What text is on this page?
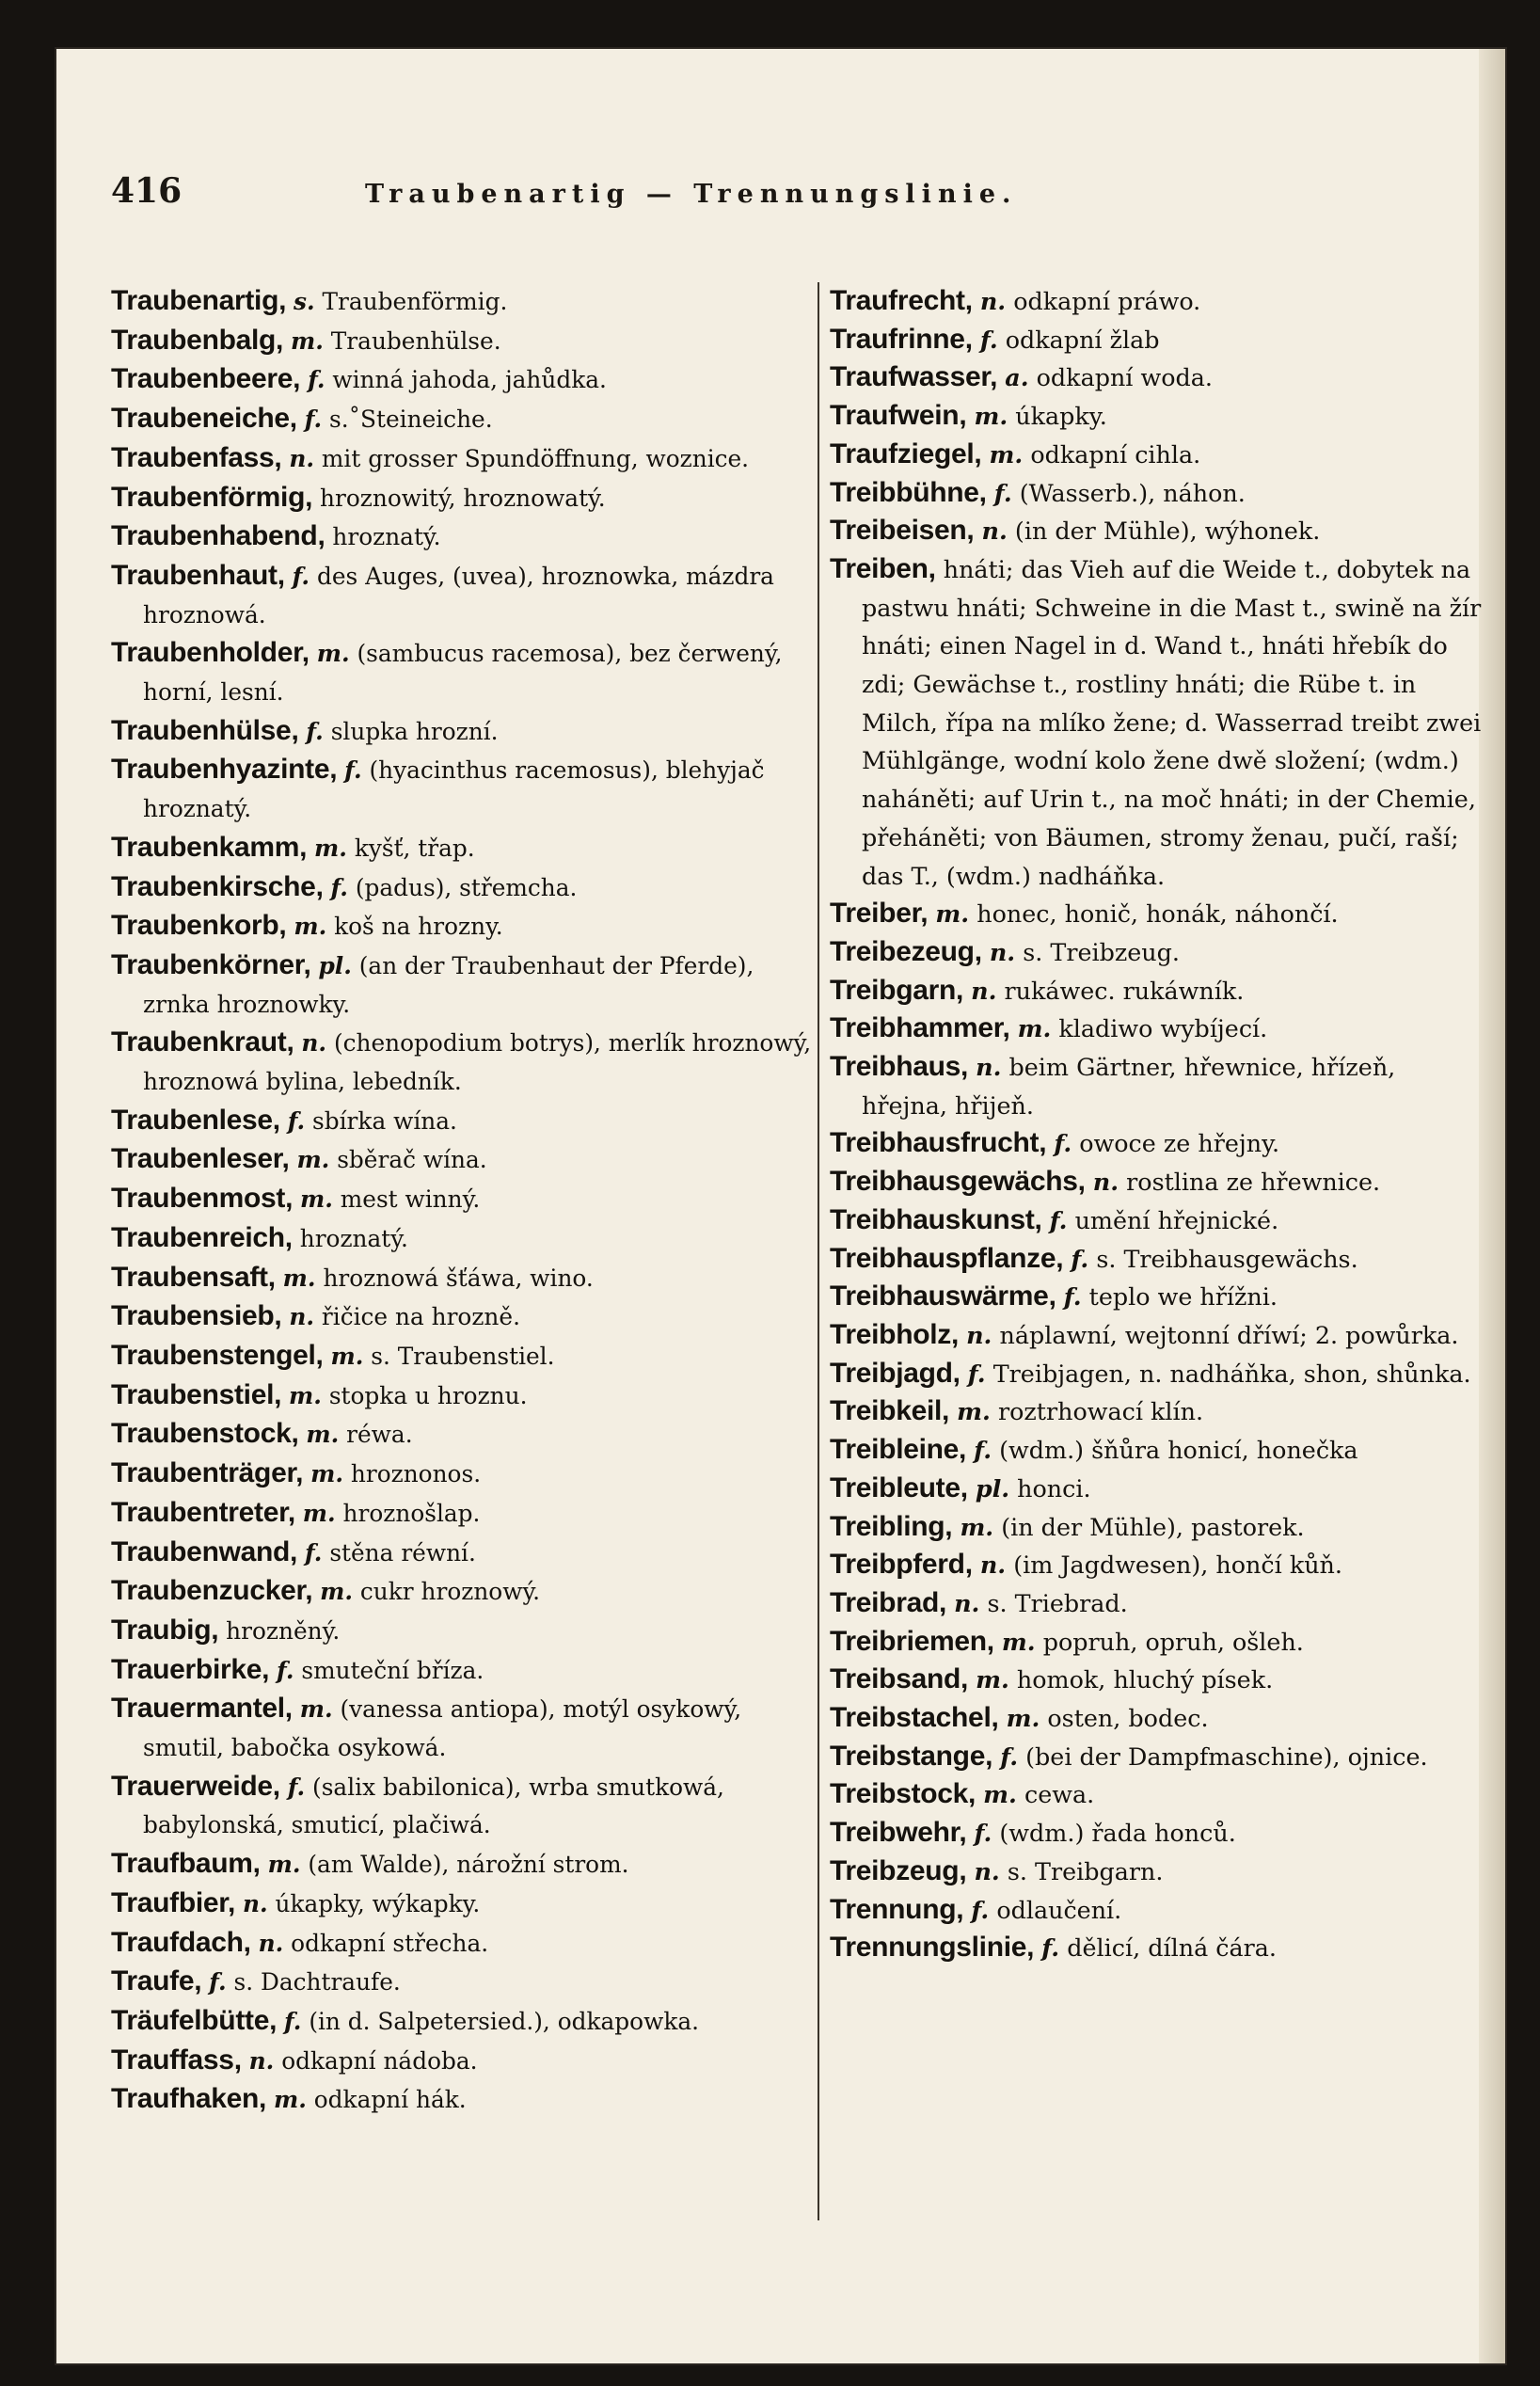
416	Traubenartig — Trennungslinie.

Traubenartig, s. Traubenförmig.

Traubenbalg, m. Traubenhülse.

Traubenbeere, f. winná jahoda, jahůdka.

Traubeneiche, f. s.˚Steineiche.

Traubenfass, n. mit grosser Spundöffnung, woznice.

Traubenförmig, hroznowitý, hroznowatý.

Traubenhabend, hroznatý.

Traubenhaut, f. des Auges, (uvea), hroznowka, mázdra hroznowá.

Traubenholder, m. (sambucus racemosa), bez čerwený, horní, lesní.

Traubenhülse, f. slupka hrozní.

Traubenhyazinte, f. (hyacinthus racemosus), blehyjač hroznatý.

Traubenkamm, m. kyšť, třap.

Traubenkirsche, f. (padus), střemcha.

Traubenkorb, m. koš na hrozny.

Traubenkörner, pl. (an der Traubenhaut der Pferde), zrnka hroznowky.

Traubenkraut, n. (chenopodium botrys), merlík hroznowý, hroznowá bylina, lebedník.

Traubenlese, f. sbírka wína.

Traubenleser, m. sběrač wína.

Traubenmost, m. mest winný.

Traubenreich, hroznatý.

Traubensaft, m. hroznowá šťáwa, wino.

Traubensieb, n. řičice na hrozně.

Traubenstengel, m. s. Traubenstiel.

Traubenstiel, m. stopka u hroznu.

Traubenstock, m. réwa.

Traubenträger, m. hroznonos.

Traubentreter, m. hroznošlap.

Traubenwand, f. stěna réwní.

Traubenzucker, m. cukr hroznowý.

Traubig, hrozněný.

Trauerbirke, f. smuteční bříza.

Trauermantel, m. (vanessa antiopa), motýl osykowý, smutil, babočka osykowá.

Trauerweide, f. (salix babilonica), wrba smutkowá, babylonská, smuticí, plačiwá.

Traufbaum, m. (am Walde), nárožní strom.

Traufbier, n. úkapky, wýkapky.

Traufdach, n. odkapní střecha.

Traufe, f. s. Dachtraufe.

Träufelbütte, f. (in d. Salpetersied.), odkapowka.

Trauffass, n. odkapní nádoba.

Traufhaken, m. odkapní hák.

Traufrecht, n. odkapní práwo.

Traufrinne, f. odkapní žlab

Traufwasser, a. odkapní woda.

Traufwein, m. úkapky.

Traufziegel, m. odkapní cihla.

Treibbühne, f. (Wasserb.), náhon.

Treibeisen, n. (in der Mühle), wýhonek.

Treiben, hnáti; das Vieh auf die Weide t., dobytek na pastwu hnáti; Schweine in die Mast t., swině na žír hnáti; einen Nagel in d. Wand t., hnáti hřebík do zdi; Gewächse t., rostliny hnáti; die Rübe t. in Milch, řípa na mlíko žene; d. Wasserrad treibt zwei Mühlgänge, wodní kolo žene dwě složení; (wdm.) naháněti; auf Urin t., na moč hnáti; in der Chemie, přeháněti; von Bäumen, stromy ženau, pučí, raší; das T., (wdm.) nadháňka.

Treiber, m. honec, honič, honák, náhončí.

Treibezeug, n. s. Treibzeug.

Treibgarn, n. rukáwec. rukáwník.

Treibhammer, m. kladiwo wybíjecí.

Treibhaus, n. beim Gärtner, hřewnice, hřízeň, hřejna, hřijeň.

Treibhausfrucht, f. owoce ze hřejny.

Treibhausgewächs, n. rostlina ze hřewnice.

Treibhauskunst, f. umění hřejnické.

Treibhauspflanze, f. s. Treibhausgewächs.

Treibhauswärme, f. teplo we hřížni.

Treibholz, n. náplawní, wejtonní dříwí; 2. powůrka.

Treibjagd, f. Treibjagen, n. nadháňka, shon, shůnka.

Treibkeil, m. roztrhowací klín.

Treibleine, f. (wdm.) šňůra honicí, honečka

Treibleute, pl. honci.

Treibling, m. (in der Mühle), pastorek.

Treibpferd, n. (im Jagdwesen), hončí kůň.

Treibrad, n. s. Triebrad.

Treibriemen, m. popruh, opruh, ošleh.

Treibsand, m. homok, hluchý písek.

Treibstachel, m. osten, bodec.

Treibstange, f. (bei der Dampfmaschine), ojnice.

Treibstock, m. cewa.

Treibwehr, f. (wdm.) řada honců.

Treibzeug, n. s. Treibgarn.

Trennung, f. odlaučení.

Trennungslinie, f. dělicí, dílná čára.
